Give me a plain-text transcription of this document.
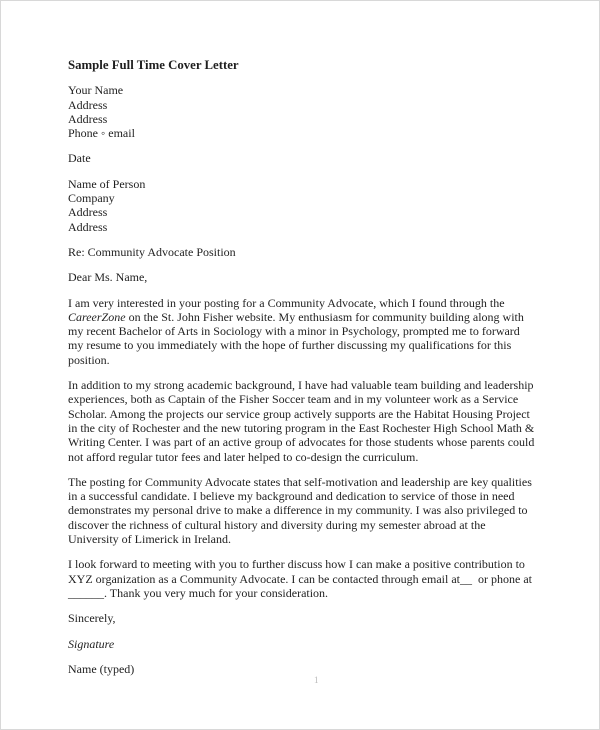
Sample Full Time Cover Letter
Your Name
Address
Address
Phone ◦ email
Date
Name of Person
Company
Address
Address
Re: Community Advocate Position
Dear Ms. Name,
I am very interested in your posting for a Community Advocate, which I found through the
CareerZone on the St. John Fisher website. My enthusiasm for community building along with
my recent Bachelor of Arts in Sociology with a minor in Psychology, prompted me to forward
my resume to you immediately with the hope of further discussing my qualifications for this
position.
In addition to my strong academic background, I have had valuable team building and leadership
experiences, both as Captain of the Fisher Soccer team and in my volunteer work as a Service
Scholar. Among the projects our service group actively supports are the Habitat Housing Project
in the city of Rochester and the new tutoring program in the East Rochester High School Math &
Writing Center. I was part of an active group of advocates for those students whose parents could
not afford regular tutor fees and later helped to co-design the curriculum.
The posting for Community Advocate states that self-motivation and leadership are key qualities
in a successful candidate. I believe my background and dedication to service of those in need
demonstrates my personal drive to make a difference in my community. I was also privileged to
discover the richness of cultural history and diversity during my semester abroad at the
University of Limerick in Ireland.
I look forward to meeting with you to further discuss how I can make a positive contribution to
XYZ organization as a Community Advocate. I can be contacted through email at__  or phone at
______. Thank you very much for your consideration.
Sincerely,
Signature
Name (typed)
1
